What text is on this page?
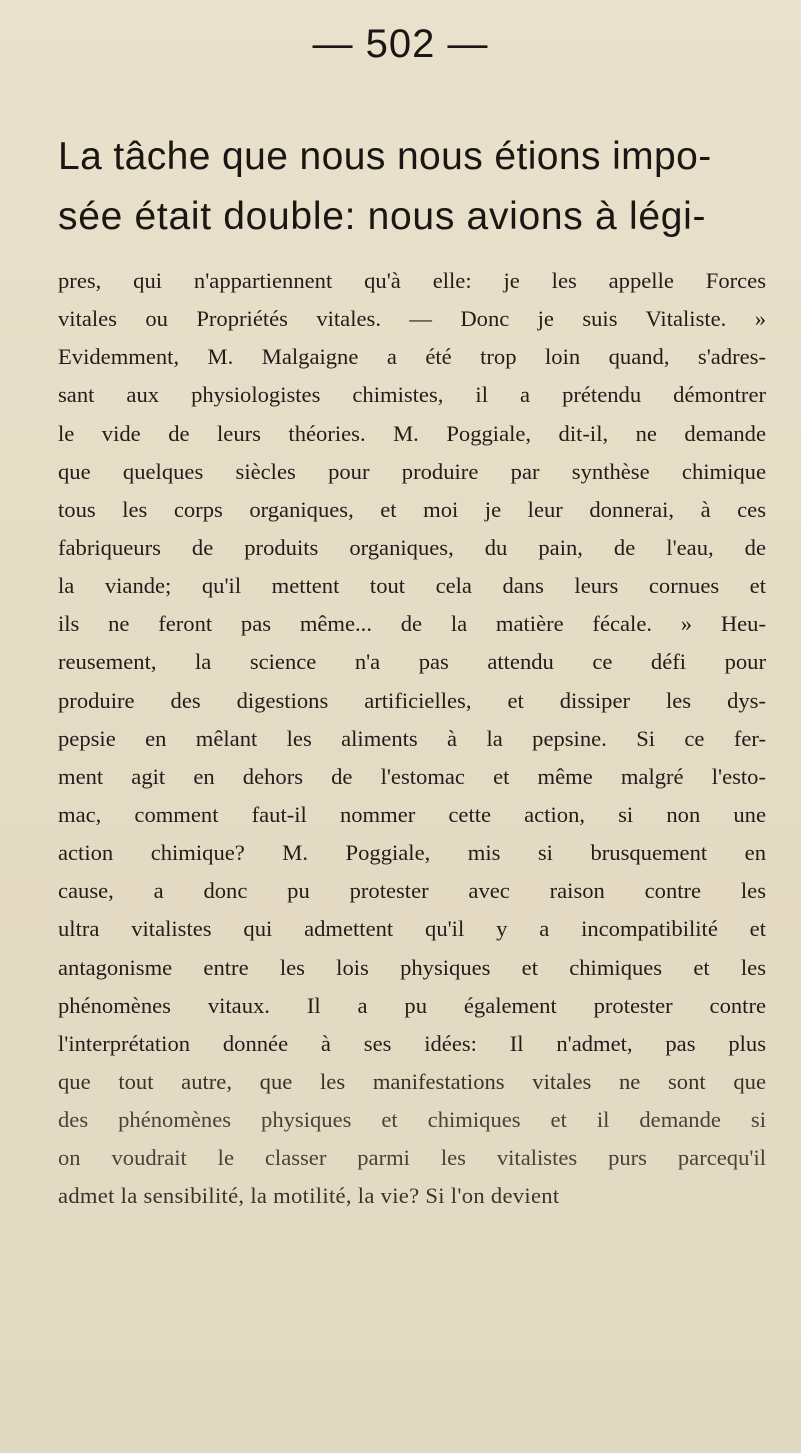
— 502 —
La tâche que nous nous étions impo-
sée était double: nous avions à légi-
pres, qui n'appartiennent qu'à elle: je les appelle Forces
vitales ou Propriétés vitales. — Donc je suis Vitaliste. »
Evidemment, M. Malgaigne a été trop loin quand, s'adres-
sant aux physiologistes chimistes, il a prétendu démontrer
le vide de leurs théories. M. Poggiale, dit-il, ne demande
que quelques siècles pour produire par synthèse chimique
tous les corps organiques, et moi je leur donnerai, à ces
fabriqueurs de produits organiques, du pain, de l'eau, de
la viande; qu'il mettent tout cela dans leurs cornues et
ils ne feront pas même... de la matière fécale. » Heu-
reusement, la science n'a pas attendu ce défi pour
produire des digestions artificielles, et dissiper les dys-
pepsie en mêlant les aliments à la pepsine. Si ce fer-
ment agit en dehors de l'estomac et même malgré l'esto-
mac, comment faut-il nommer cette action, si non une
action chimique? M. Poggiale, mis si brusquement en
cause, a donc pu protester avec raison contre les
ultra vitalistes qui admettent qu'il y a incompatibilité et
antagonisme entre les lois physiques et chimiques et les
phénomènes vitaux. Il a pu également protester contre
l'interprétation donnée à ses idées: Il n'admet, pas plus
que tout autre, que les manifestations vitales ne sont que
des phénomènes physiques et chimiques et il demande si
on voudrait le classer parmi les vitalistes purs parcequ'il
admet la sensibilité, la motilité, la vie? Si l'on devient
